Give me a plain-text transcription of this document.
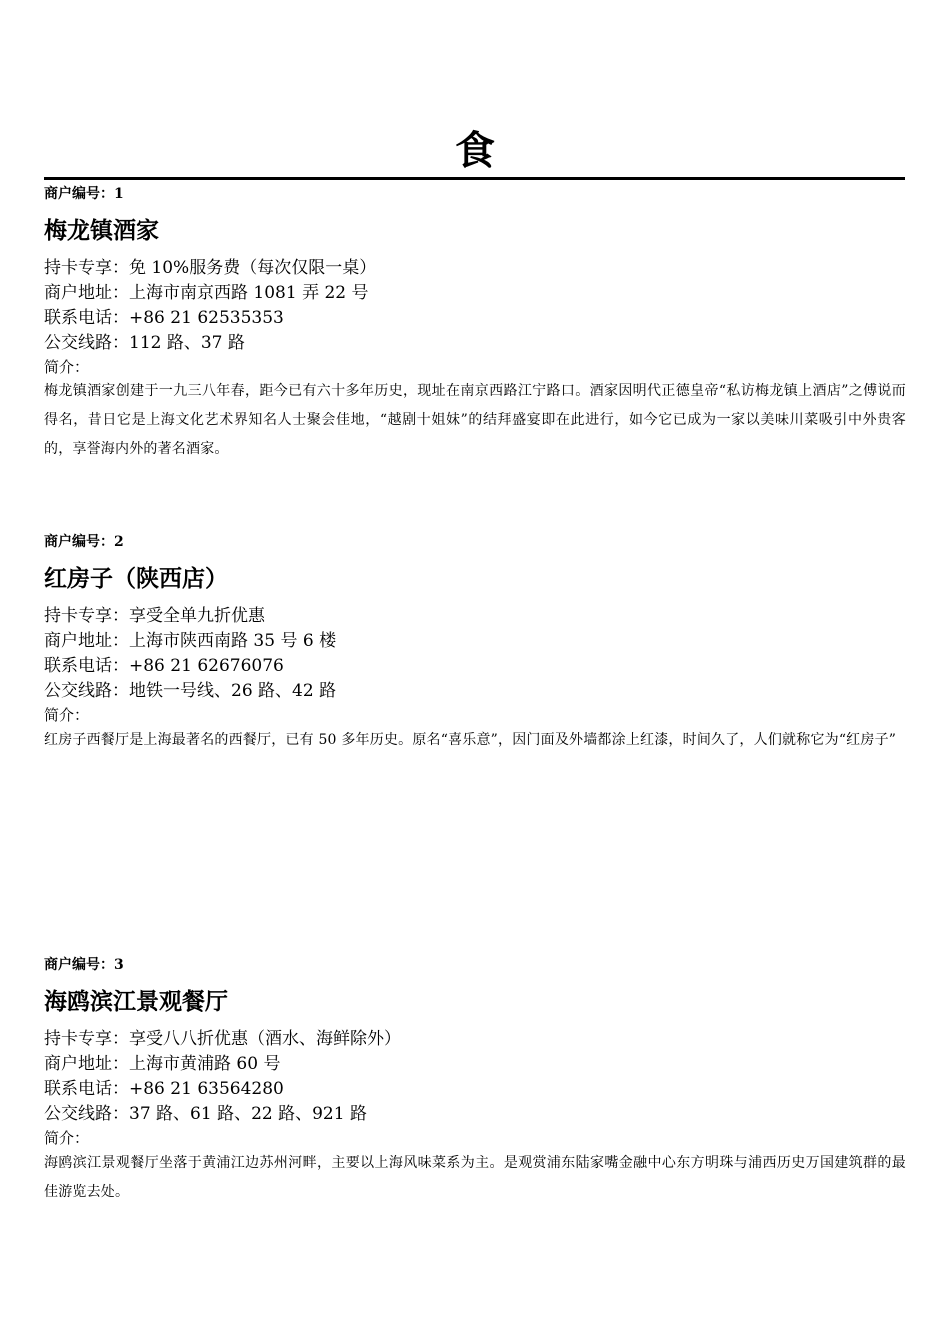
食
商户编号：1
梅龙镇酒家
持卡专享：免 10%服务费（每次仅限一桌）
商户地址：上海市南京西路 1081 弄 22 号
联系电话：+86 21 62535353
公交线路：112 路、37 路
简介：
梅龙镇酒家创建于一九三八年春，距今已有六十多年历史，现址在南京西路江宁路口。酒家因明代正德皇帝“私访梅龙镇上酒店”之傅说而得名，昔日它是上海文化艺术界知名人士聚会佳地，“越剧十姐妹”的结拜盛宴即在此进行，如今它已成为一家以美味川菜吸引中外贵客的，享誉海内外的著名酒家。
商户编号：2
红房子（陕西店）
持卡专享：享受全单九折优惠
商户地址：上海市陕西南路 35 号 6 楼
联系电话：+86 21 62676076
公交线路：地铁一号线、26 路、42 路
简介：
红房子西餐厅是上海最著名的西餐厅，已有 50 多年历史。原名“喜乐意”，因门面及外墙都涂上红漆，时间久了，人们就称它为“红房子”
商户编号：3
海鸥滨江景观餐厅
持卡专享：享受八八折优惠（酒水、海鲜除外）
商户地址：上海市黄浦路 60 号
联系电话：+86 21 63564280
公交线路：37 路、61 路、22 路、921 路
简介：
海鸥滨江景观餐厅坐落于黄浦江边苏州河畔，主要以上海风味菜系为主。是观赏浦东陆家嘴金融中心东方明珠与浦西历史万国建筑群的最佳游览去处。
